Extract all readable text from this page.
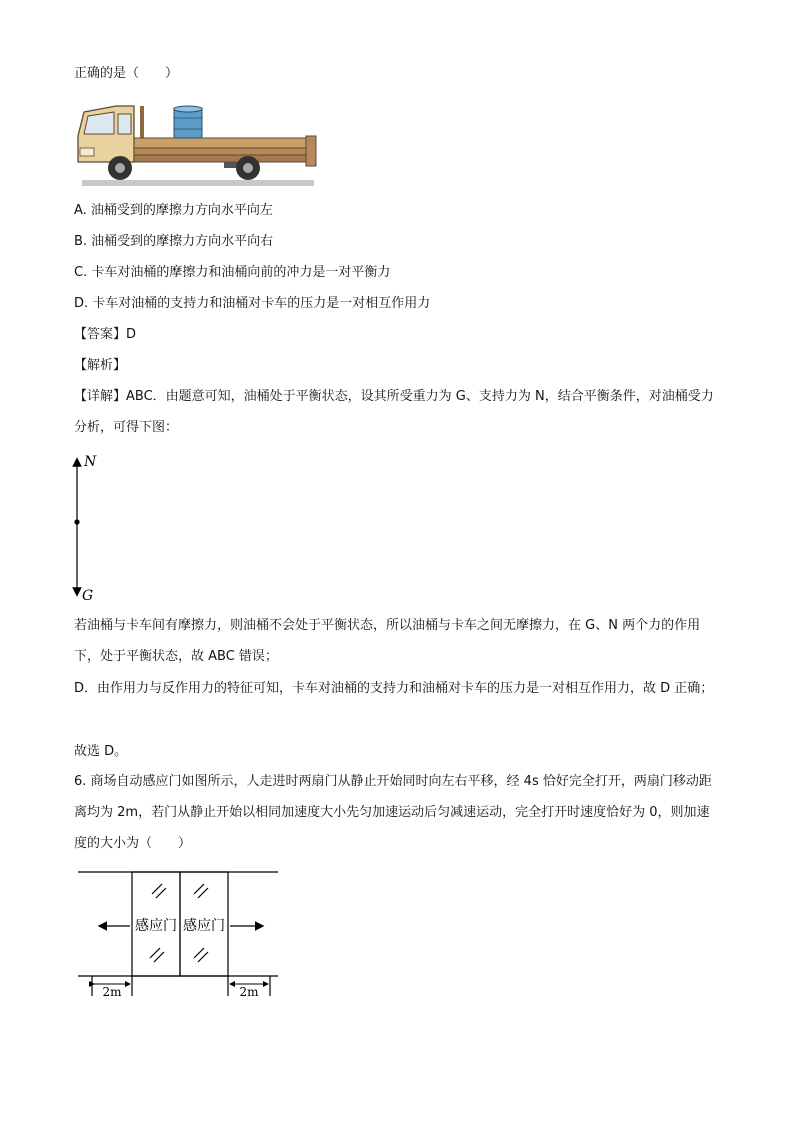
正确的是（　　）
A. 油桶受到的摩擦力方向水平向左
B. 油桶受到的摩擦力方向水平向右
C. 卡车对油桶的摩擦力和油桶向前的冲力是一对平衡力
D. 卡车对油桶的支持力和油桶对卡车的压力是一对相互作用力
【答案】D
【解析】
【详解】ABC．由题意可知，油桶处于平衡状态，设其所受重力为 G、支持力为 N，结合平衡条件，对油桶受力分析，可得下图：
N
G
若油桶与卡车间有摩擦力，则油桶不会处于平衡状态，所以油桶与卡车之间无摩擦力，在 G、N 两个力的作用下，处于平衡状态，故 ABC 错误；
D．由作用力与反作用力的特征可知，卡车对油桶的支持力和油桶对卡车的压力是一对相互作用力，故 D 正确；
故选 D。
6. 商场自动感应门如图所示，人走进时两扇门从静止开始同时向左右平移，经 4s 恰好完全打开，两扇门移动距离均为 2m，若门从静止开始以相同加速度大小先匀加速运动后匀减速运动，完全打开时速度恰好为 0，则加速度的大小为（　　）
感应门 感应门
2m	2m
